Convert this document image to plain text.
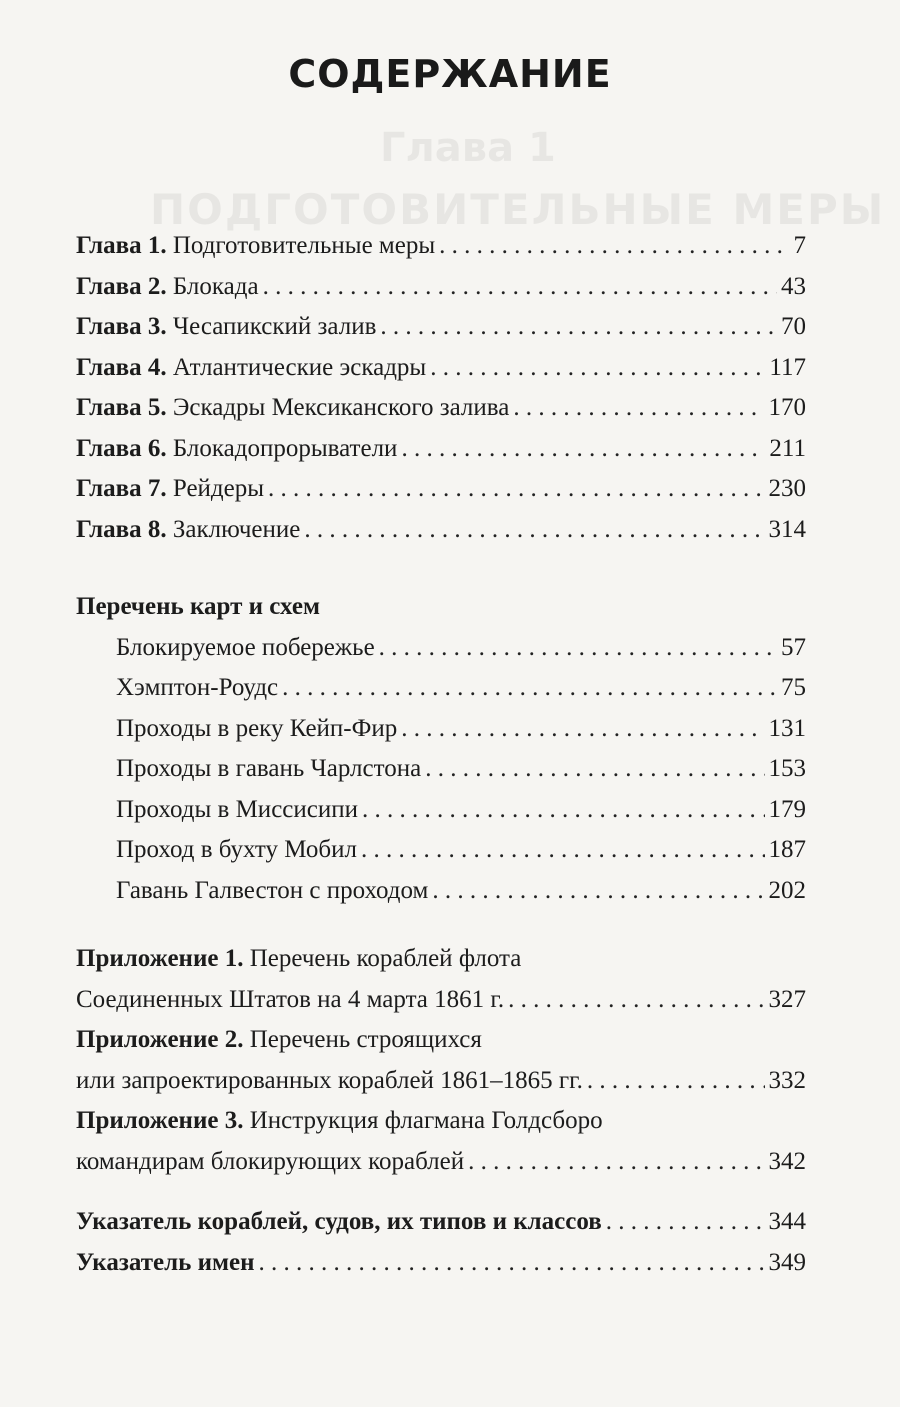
Глава 1
ПОДГОТОВИТЕЛЬНЫЕ МЕРЫ
СОДЕРЖАНИЕ
Глава 1. Подготовительные меры . . .	7
Глава 2. Блокада . . .	43
Глава 3. Чесапикский залив . . .	70
Глава 4. Атлантические эскадры . . .	117
Глава 5. Эскадры Мексиканского залива . . .	170
Глава 6. Блокадопрорыватели . . .	211
Глава 7. Рейдеры . . .	230
Глава 8. Заключение . . .	314
Перечень карт и схем
Блокируемое побережье . . .	57
Хэмптон-Роудс . . .	75
Проходы в реку Кейп-Фир . . .	131
Проходы в гавань Чарлстона . . .	153
Проходы в Миссисипи . . .	179
Проход в бухту Мобил . . .	187
Гавань Галвестон с проходом . . .	202
Приложение 1. Перечень кораблей флота
Соединенных Штатов на 4 марта 1861 г. . . .	327
Приложение 2. Перечень строящихся
или запроектированных кораблей 1861–1865 гг. . . .	332
Приложение 3. Инструкция флагмана Голдсборо
командирам блокирующих кораблей . . .	342
Указатель кораблей, судов, их типов и классов . . .	344
Указатель имен . . .	349
